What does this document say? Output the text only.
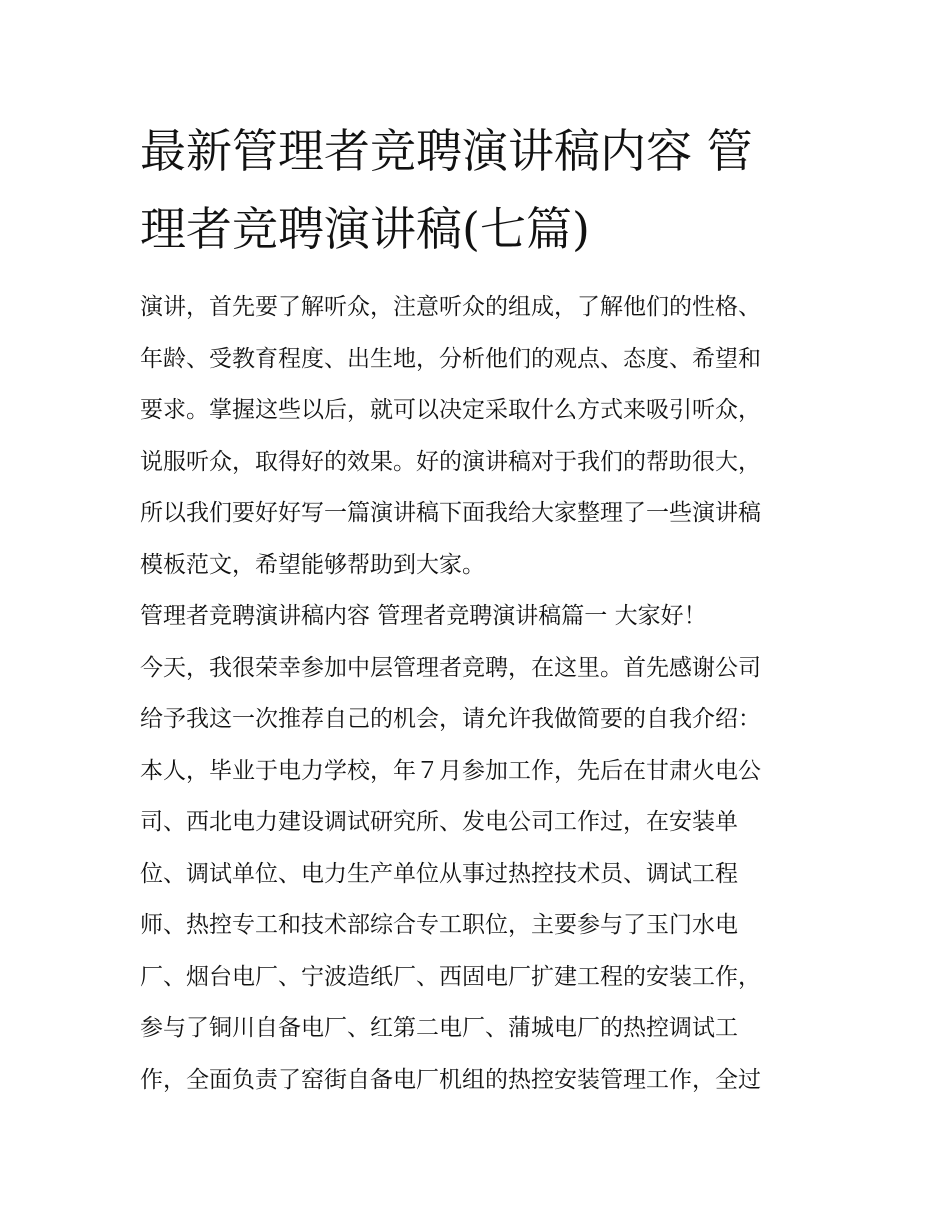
最新管理者竞聘演讲稿内容 管
理者竞聘演讲稿(七篇)
演讲，首先要了解听众，注意听众的组成，了解他们的性格、
年龄、受教育程度、出生地，分析他们的观点、态度、希望和
要求。掌握这些以后，就可以决定采取什么方式来吸引听众，
说服听众，取得好的效果。好的演讲稿对于我们的帮助很大，
所以我们要好好写一篇演讲稿下面我给大家整理了一些演讲稿
模板范文，希望能够帮助到大家。
管理者竞聘演讲稿内容 管理者竞聘演讲稿篇一 大家好！
今天，我很荣幸参加中层管理者竞聘，在这里。首先感谢公司
给予我这一次推荐自己的机会，请允许我做简要的自我介绍：
本人，毕业于电力学校，年７月参加工作，先后在甘肃火电公
司、西北电力建设调试研究所、发电公司工作过，在安装单
位、调试单位、电力生产单位从事过热控技术员、调试工程
师、热控专工和技术部综合专工职位，主要参与了玉门水电
厂、烟台电厂、宁波造纸厂、西固电厂扩建工程的安装工作，
参与了铜川自备电厂、红第二电厂、蒲城电厂的热控调试工
作，全面负责了窑街自备电厂机组的热控安装管理工作，全过
